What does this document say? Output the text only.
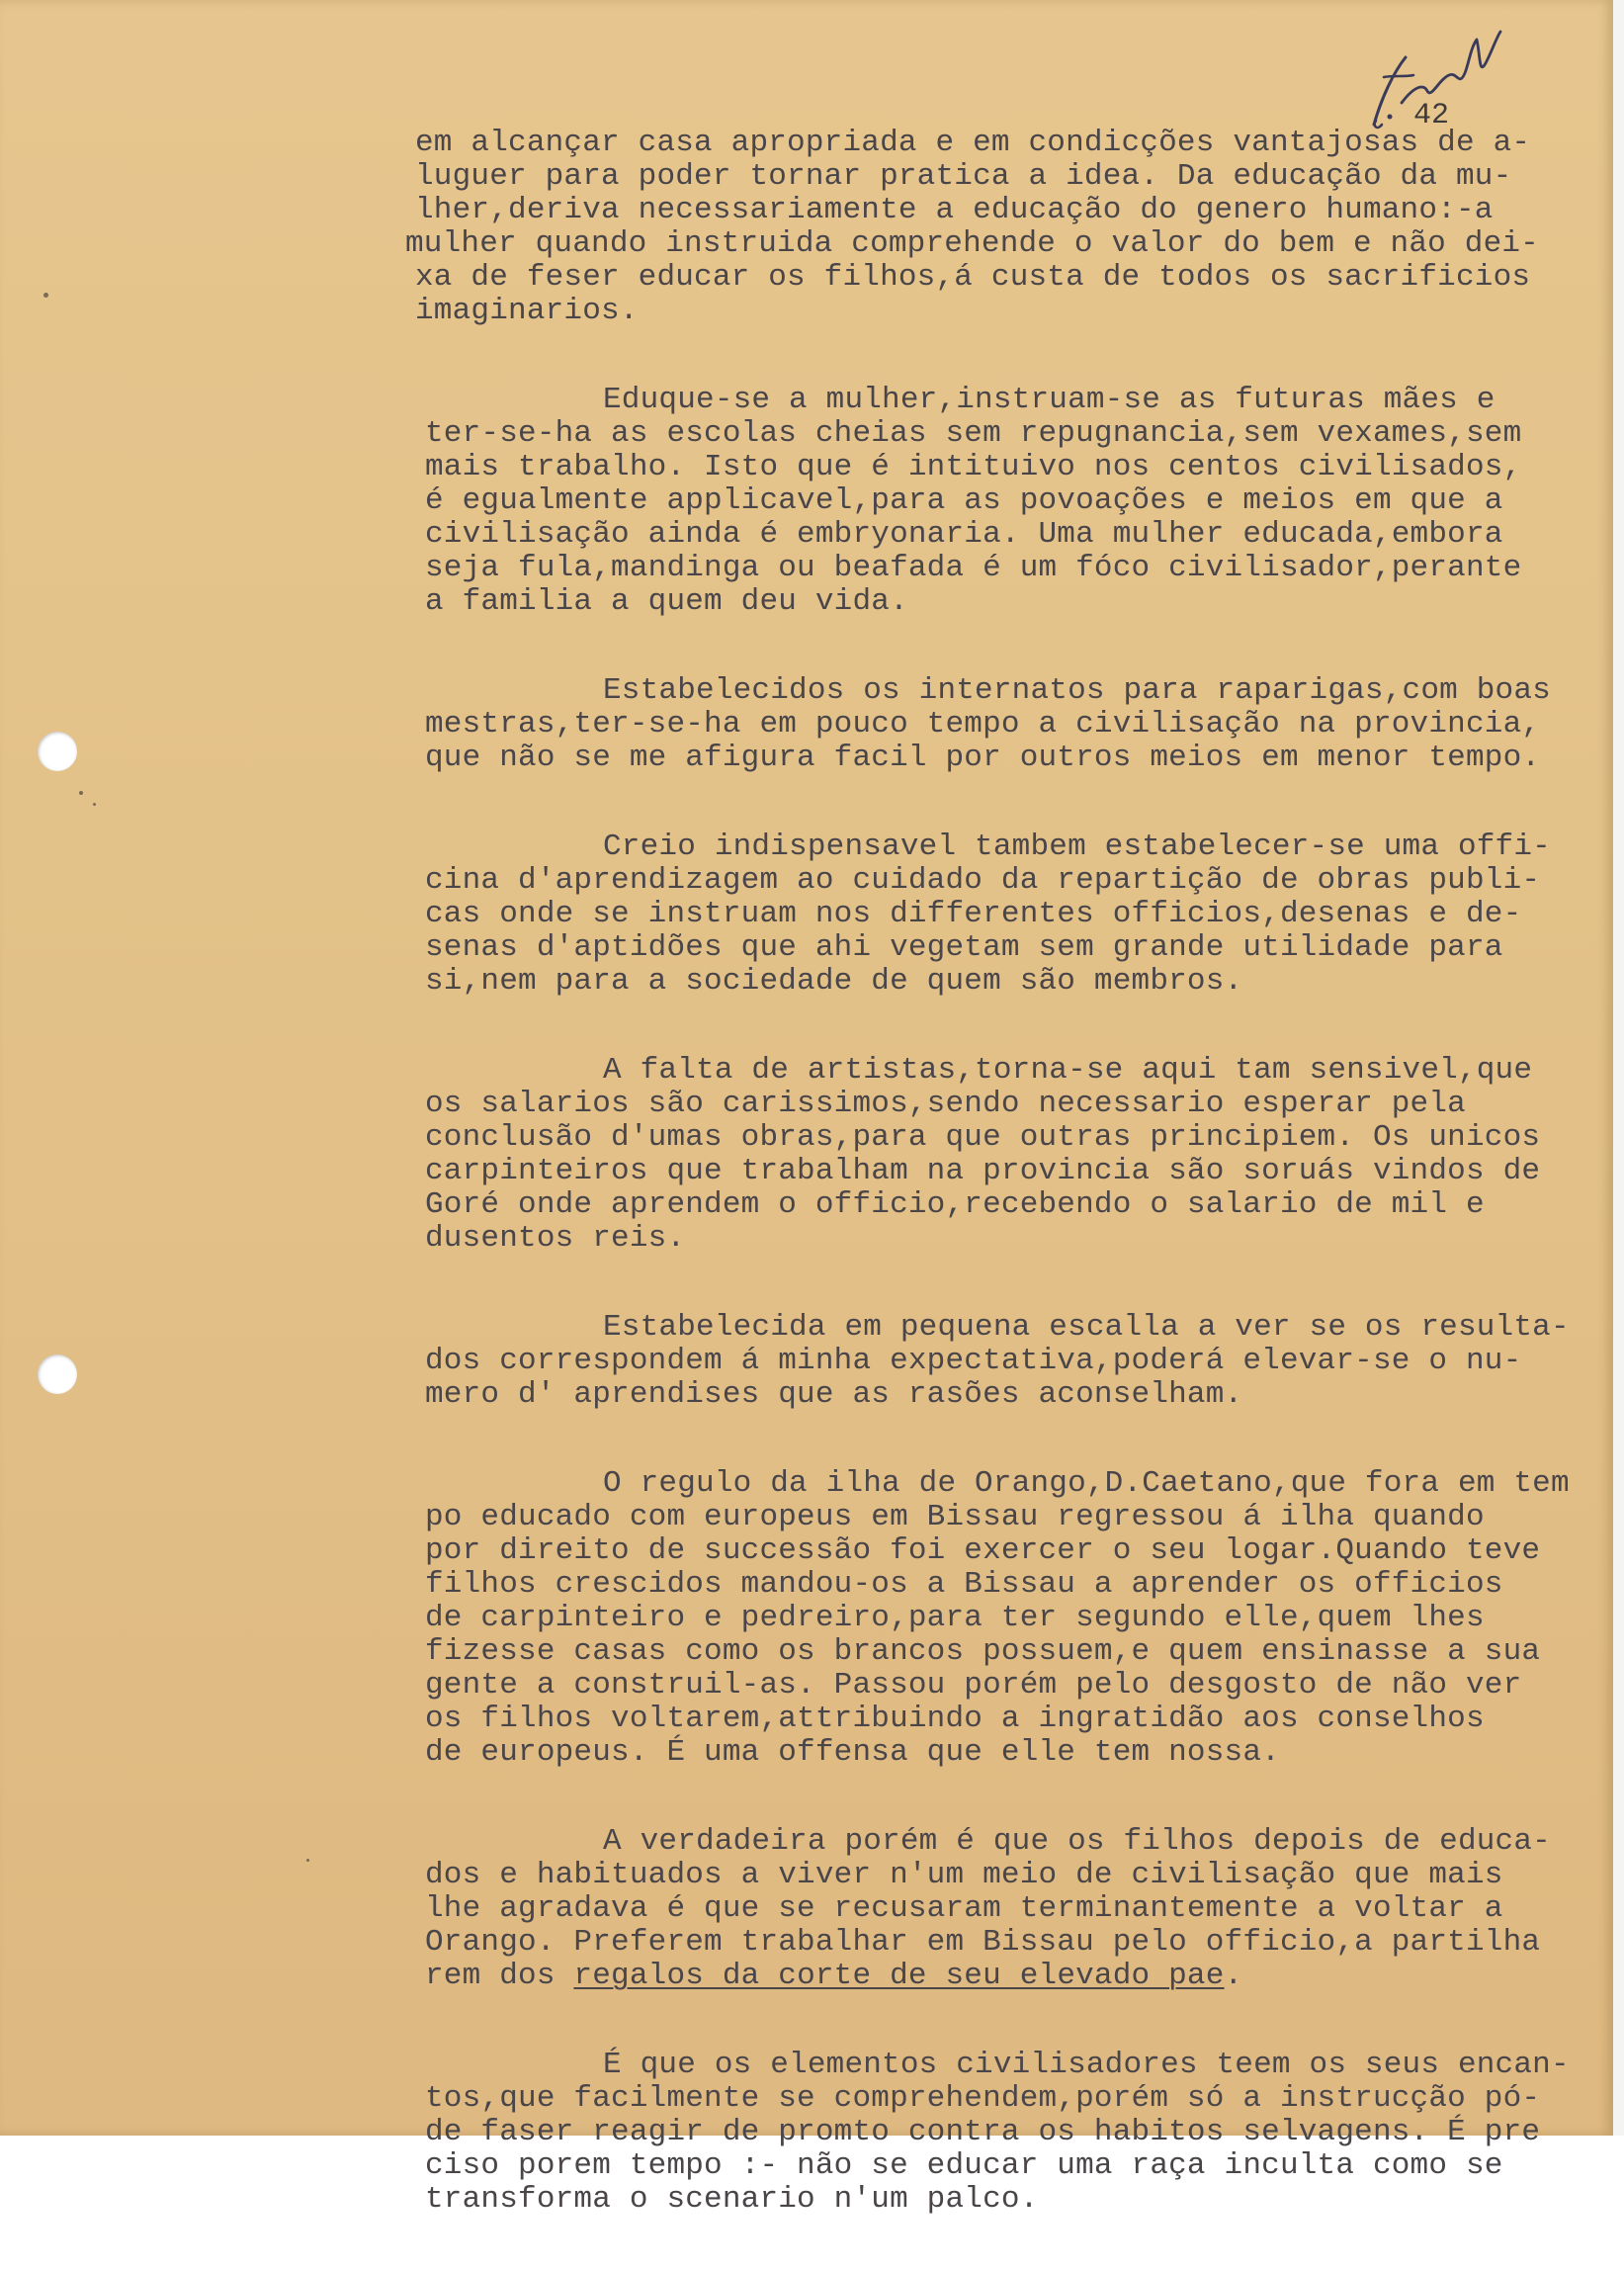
42
em alcançar casa apropriada e em condicções vantajosas de a-
luguer para poder tornar pratica a idea. Da educação da mu-
lher,deriva necessariamente a educação do genero humano:-a
mulher quando instruida comprehende o valor do bem e não dei-
xa de feser educar os filhos,á custa de todos os sacrificios
imaginarios.
Eduque-se a mulher,instruam-se as futuras mães e
ter-se-ha as escolas cheias sem repugnancia,sem vexames,sem
mais trabalho. Isto que é intituivo nos centos civilisados,
é egualmente applicavel,para as povoações e meios em que a
civilisação ainda é embryonaria. Uma mulher educada,embora
seja fula,mandinga ou beafada é um fóco civilisador,perante
a familia a quem deu vida.
Estabelecidos os internatos para raparigas,com boas
mestras,ter-se-ha em pouco tempo a civilisação na provincia,
que não se me afigura facil por outros meios em menor tempo.
Creio indispensavel tambem estabelecer-se uma offi-
cina d'aprendizagem ao cuidado da repartição de obras publi-
cas onde se instruam nos differentes officios,desenas e de-
senas d'aptidões que ahi vegetam sem grande utilidade para
si,nem para a sociedade de quem são membros.
A falta de artistas,torna-se aqui tam sensivel,que
os salarios são carissimos,sendo necessario esperar pela
conclusão d'umas obras,para que outras principiem. Os unicos
carpinteiros que trabalham na provincia são soruás vindos de
Goré onde aprendem o officio,recebendo o salario de mil e
dusentos reis.
Estabelecida em pequena escalla a ver se os resulta-
dos correspondem á minha expectativa,poderá elevar-se o nu-
mero d' aprendises que as rasões aconselham.
O regulo da ilha de Orango,D.Caetano,que fora em tem
po educado com europeus em Bissau regressou á ilha quando
por direito de successão foi exercer o seu logar.Quando teve
filhos crescidos mandou-os a Bissau a aprender os officios
de carpinteiro e pedreiro,para ter segundo elle,quem lhes
fizesse casas como os brancos possuem,e quem ensinasse a sua
gente a construil-as. Passou porém pelo desgosto de não ver
os filhos voltarem,attribuindo a ingratidão aos conselhos
de europeus. É uma offensa que elle tem nossa.
A verdadeira porém é que os filhos depois de educa-
dos e habituados a viver n'um meio de civilisação que mais
lhe agradava é que se recusaram terminantemente a voltar a
Orango. Preferem trabalhar em Bissau pelo officio,a partilha
rem dos regalos da corte de seu elevado pae.
É que os elementos civilisadores teem os seus encan-
tos,que facilmente se comprehendem,porém só a instrucção pó-
de faser reagir de promto contra os habitos selvagens. É pre
ciso porem tempo :- não se educar uma raça inculta como se
transforma o scenario n'um palco.
